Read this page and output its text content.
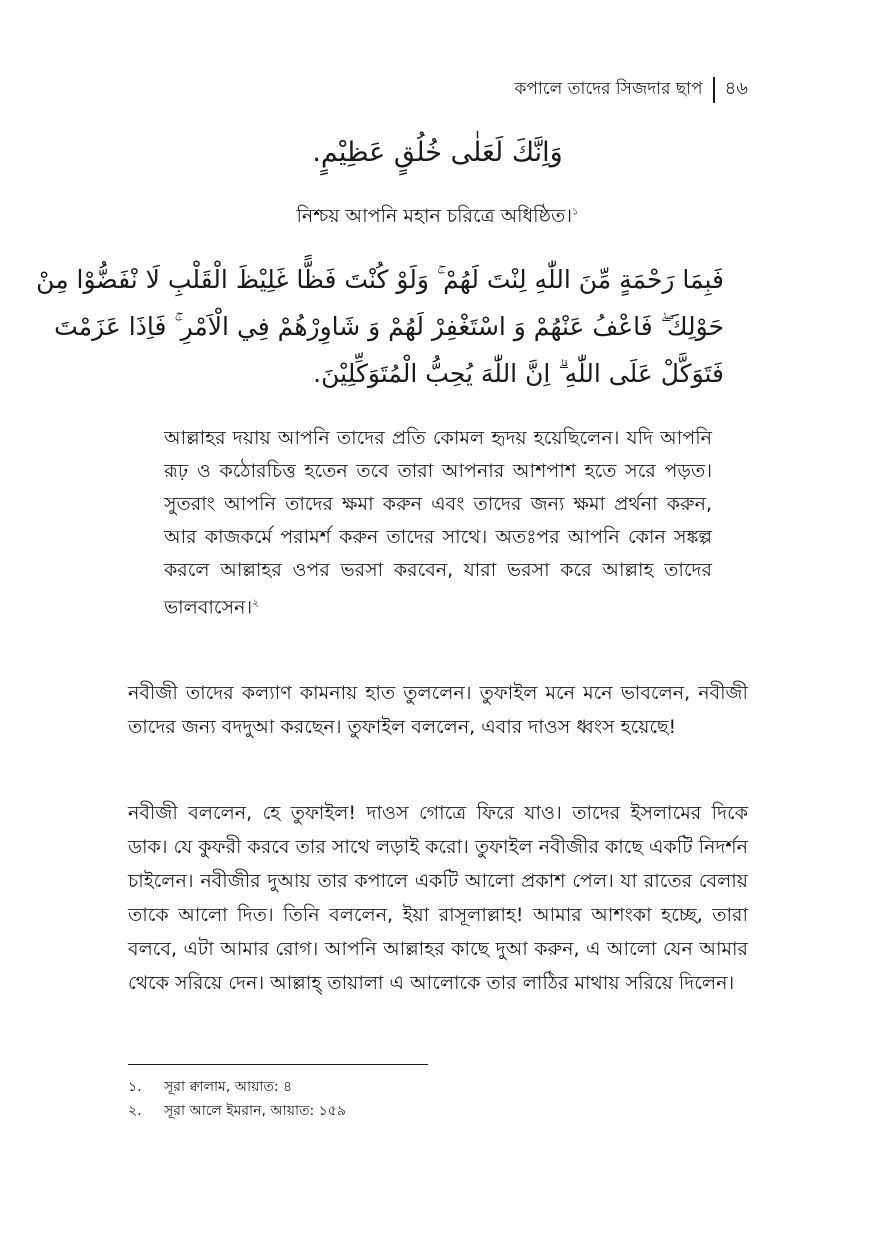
কপালে তাদের সিজদার ছাপ	৪৬
وَاِنَّكَ لَعَلٰى خُلُقٍ عَظِيْمٍ.
নিশ্চয় আপনি মহান চরিত্রে অধিষ্ঠিত।$^১$
فَبِمَا رَحْمَةٍ مِّنَ اللّٰهِ لِنْتَ لَهُمْ ۚ وَلَوْ كُنْتَ فَظًّا غَلِيْظَ الْقَلْبِ لَا نْفَضُّوْا مِنْ
حَوْلِكَ ۖ فَاعْفُ عَنْهُمْ وَ اسْتَغْفِرْ لَهُمْ وَ شَاوِرْهُمْ فِي الْاَمْرِ ۚ فَاِذَا عَزَمْتَ
فَتَوَكَّلْ عَلَى اللّٰهِ ۗ اِنَّ اللّٰهَ يُحِبُّ الْمُتَوَكِّلِيْنَ.
আল্লাহর দয়ায় আপনি তাদের প্রতি কোমল হৃদয় হয়েছিলেন। যদি আপনি রূঢ় ও কঠোরচিত্ত হতেন তবে তারা আপনার আশপাশ হতে সরে পড়ত। সুতরাং আপনি তাদের ক্ষমা করুন এবং তাদের জন্য ক্ষমা প্রর্থনা করুন, আর কাজকর্মে পরামর্শ করুন তাদের সাথে। অতঃপর আপনি কোন সঙ্কল্প করলে আল্লাহর ওপর ভরসা করবেন, যারা ভরসা করে আল্লাহ তাদের ভালবাসেন।$^২$
নবীজী তাদের কল্যাণ কামনায় হাত তুললেন। তুফাইল মনে মনে ভাবলেন, নবীজী তাদের জন্য বদদুআ করছেন। তুফাইল বললেন, এবার দাওস ধ্বংস হয়েছে!
নবীজী বললেন, হে তুফাইল! দাওস গোত্রে ফিরে যাও। তাদের ইসলামের দিকে ডাক। যে কুফরী করবে তার সাথে লড়াই করো। তুফাইল নবীজীর কাছে একটি নিদর্শন চাইলেন। নবীজীর দুআয় তার কপালে একটি আলো প্রকাশ পেল। যা রাতের বেলায় তাকে আলো দিত। তিনি বললেন, ইয়া রাসূলাল্লাহ! আমার আশংকা হচ্ছে, তারা বলবে, এটা আমার রোগ। আপনি আল্লাহর কাছে দুআ করুন, এ আলো যেন আমার থেকে সরিয়ে দেন। আল্লাহ্ তায়ালা এ আলোকে তার লাঠির মাথায় সরিয়ে দিলেন।
১.	সূরা ক্বালাম, আয়াত: ৪
২.	সূরা আলে ইমরান, আয়াত: ১৫৯
